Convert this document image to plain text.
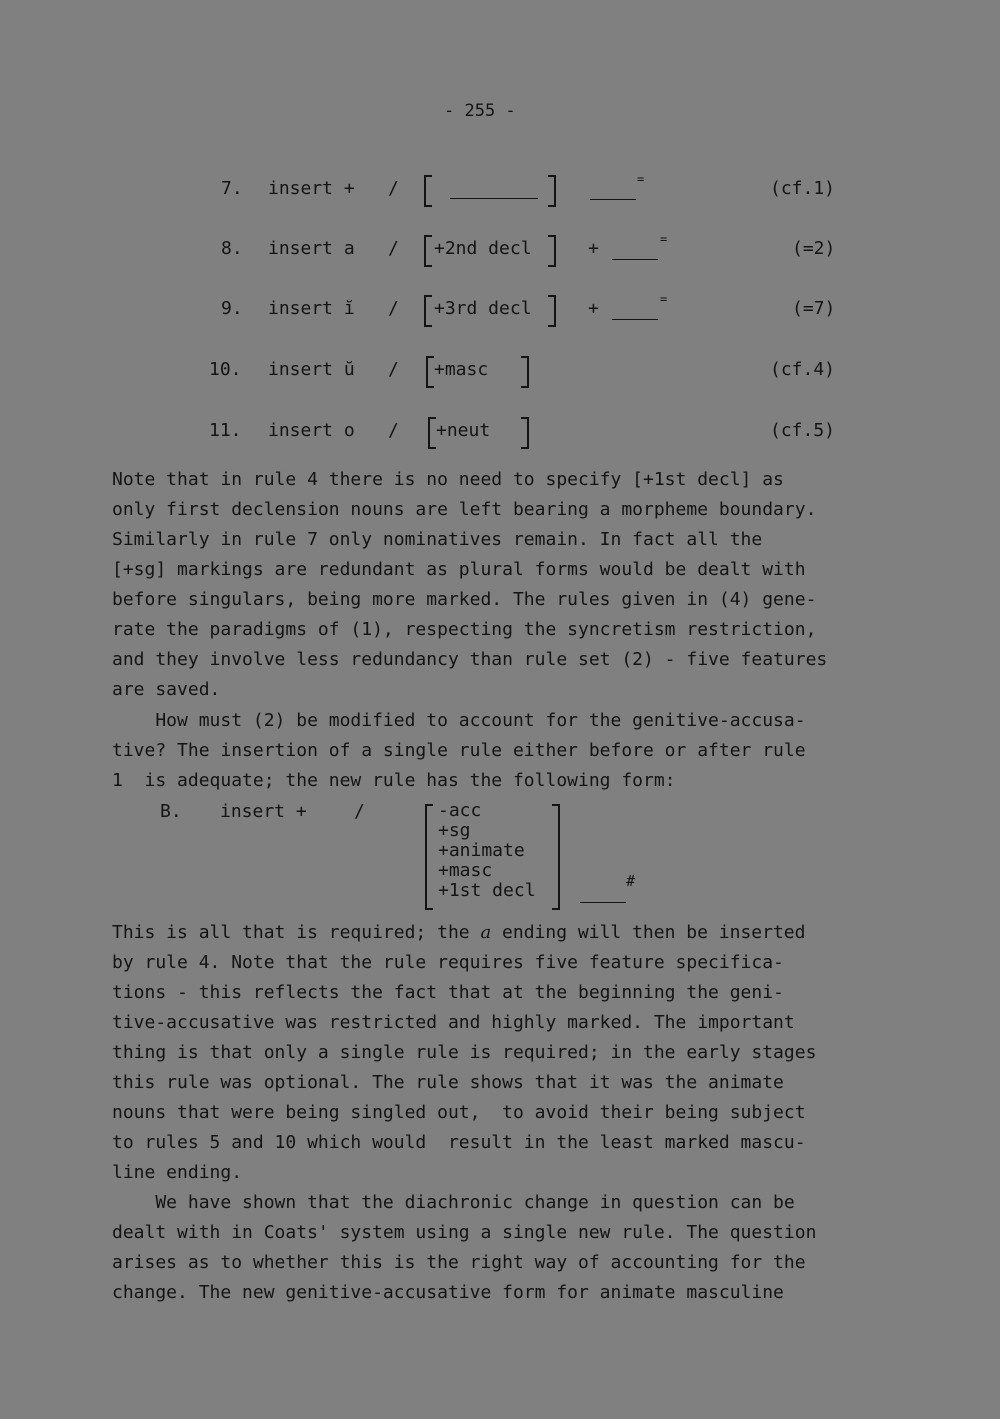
- 255 -
7. insert + /	=	(cf.1)
8. insert a / +2nd decl	+	=	(=2)
9. insert ĭ / +3rd decl	+	=	(=7)
10. insert ŭ / +masc	(cf.4)
11. insert o / +neut	(cf.5)
Note that in rule 4 there is no need to specify [+1st decl] as
only first declension nouns are left bearing a morpheme boundary.
Similarly in rule 7 only nominatives remain. In fact all the
[+sg] markings are redundant as plural forms would be dealt with
before singulars, being more marked. The rules given in (4) gene-
rate the paradigms of (1), respecting the syncretism restriction,
and they involve less redundancy than rule set (2) - five features
are saved.
How must (2) be modified to account for the genitive-accusa-
tive? The insertion of a single rule either before or after rule
1  is adequate; the new rule has the following form:
B. insert +	/	-acc
+sg
+animate
+masc
+1st decl	#
This is all that is required; the a ending will then be inserted
by rule 4. Note that the rule requires five feature specifica-
tions - this reflects the fact that at the beginning the geni-
tive-accusative was restricted and highly marked. The important
thing is that only a single rule is required; in the early stages
this rule was optional. The rule shows that it was the animate
nouns that were being singled out,  to avoid their being subject
to rules 5 and 10 which would  result in the least marked mascu-
line ending.
We have shown that the diachronic change in question can be
dealt with in Coats' system using a single new rule. The question
arises as to whether this is the right way of accounting for the
change. The new genitive-accusative form for animate masculine
